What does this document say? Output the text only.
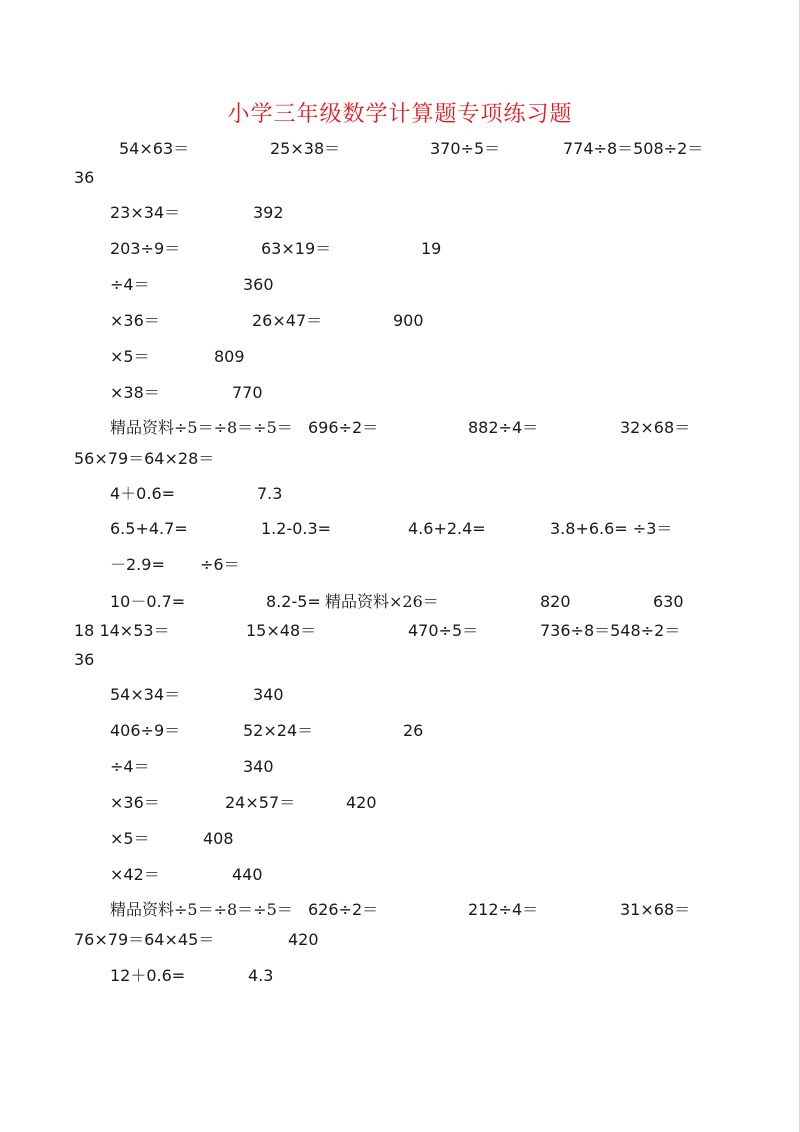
小学三年级数学计算题专项练习题
54×63＝	25×38＝	370÷5＝	774÷8＝508÷2＝
36
23×34＝	392
203÷9＝	63×19＝	19
÷4＝	360
×36＝	26×47＝	900
×5＝	809
×38＝	770
精品资料÷5＝÷8＝÷5＝ 696÷2＝	882÷4＝	32×68＝
56×79＝64×28＝
4＋0.6=	7.3
6.5+4.7=	1.2-0.3=	4.6+2.4=	3.8+6.6= ÷3＝
－2.9= ÷6＝
10－0.7=	8.2-5= 精品资料×26＝	820	630
18 14×53＝	15×48＝	470÷5＝	736÷8＝548÷2＝
36
54×34＝	340
406÷9＝	52×24＝	26
÷4＝	340
×36＝	24×57＝	420
×5＝	408
×42＝	440
精品资料÷5＝÷8＝÷5＝ 626÷2＝	212÷4＝	31×68＝
76×79＝64×45＝	420
12＋0.6=	4.3
